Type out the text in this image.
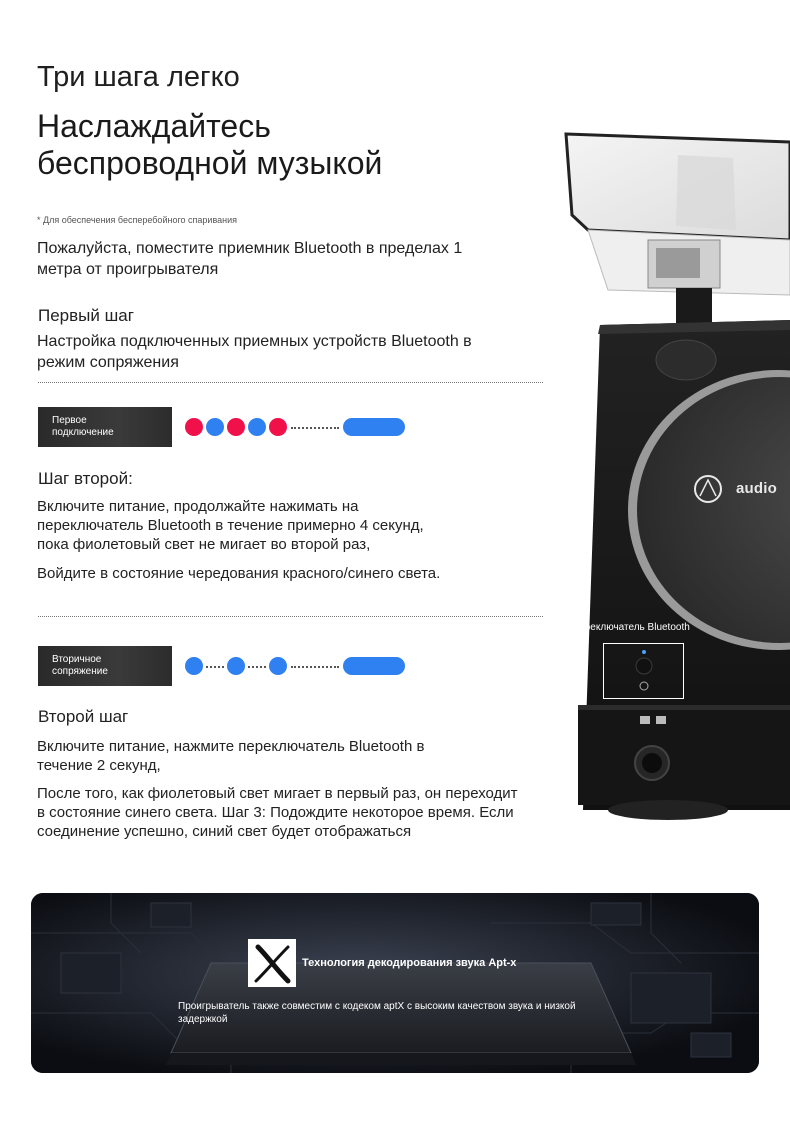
audio
Переключатель Bluetooth
Три шага легко
Наслаждайтесь
беспроводной музыкой
* Для обеспечения бесперебойного спаривания
Пожалуйста, поместите приемник Bluetooth в пределах 1
метра от проигрывателя
Первый шаг
Настройка подключенных приемных устройств Bluetooth в
режим сопряжения
Первое
подключение
Шаг второй:
Включите питание, продолжайте нажимать на
переключатель Bluetooth в течение примерно 4 секунд,
пока фиолетовый свет не мигает во второй раз,
Войдите в состояние чередования красного/синего света.
Вторичное
сопряжение
Второй шаг
Включите питание, нажмите переключатель Bluetooth в
течение 2 секунд,
После того, как фиолетовый свет мигает в первый раз, он переходит
в состояние синего света. Шаг 3: Подождите некоторое время. Если
соединение успешно, синий свет будет отображаться
Технология декодирования звука Apt-x
Проигрыватель также совместим с кодеком aptX с высоким качеством звука и низкой задержкой
